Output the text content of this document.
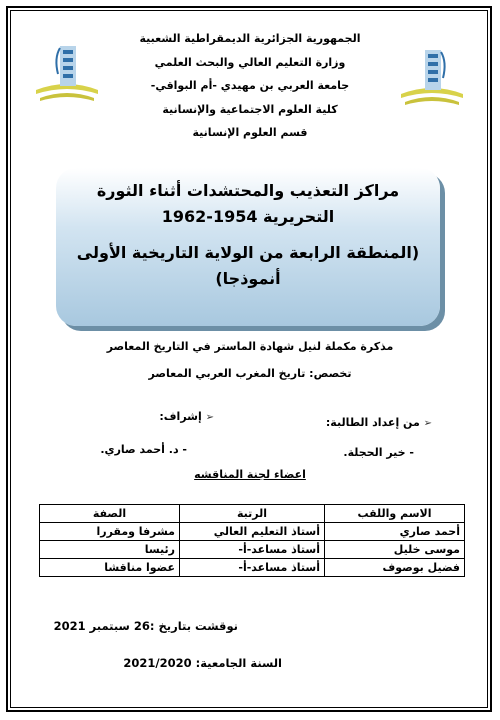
الجمهورية الجزائرية الديمقراطية الشعبية
وزارة التعليم العالي والبحث العلمي
جامعة العربي بن مهيدي -أم البواقي-
كلية العلوم الاجتماعية والإنسانية
قسم العلوم الإنسانية
مراكز التعذيب والمحتشدات أثناء الثورة
التحريرية 1954-1962
(المنطقة الرابعة من الولاية التاريخية الأولى
أنموذجا)
مذكرة مكملة لنيل شهادة الماستر في التاريخ المعاصر
تخصص: تاريخ المغرب العربي المعاصر
➢ من إعداد الطالبة:
- خير الحجلة.
➢ إشراف:
- د. أحمد صاري.
اعضاء لجنة المناقشه
الاسم واللقب	الرتبة	الصفة
أحمد صاري	أستاذ التعليم العالي	مشرفا ومقررا
موسى خليل	أستاذ مساعد-أ-	رئيسا
فضيل بوصوف	أستاذ مساعد-أ-	عضوا مناقشا
نوقشت بتاريخ :26 سبتمبر 2021
السنة الجامعية: 2021/2020
